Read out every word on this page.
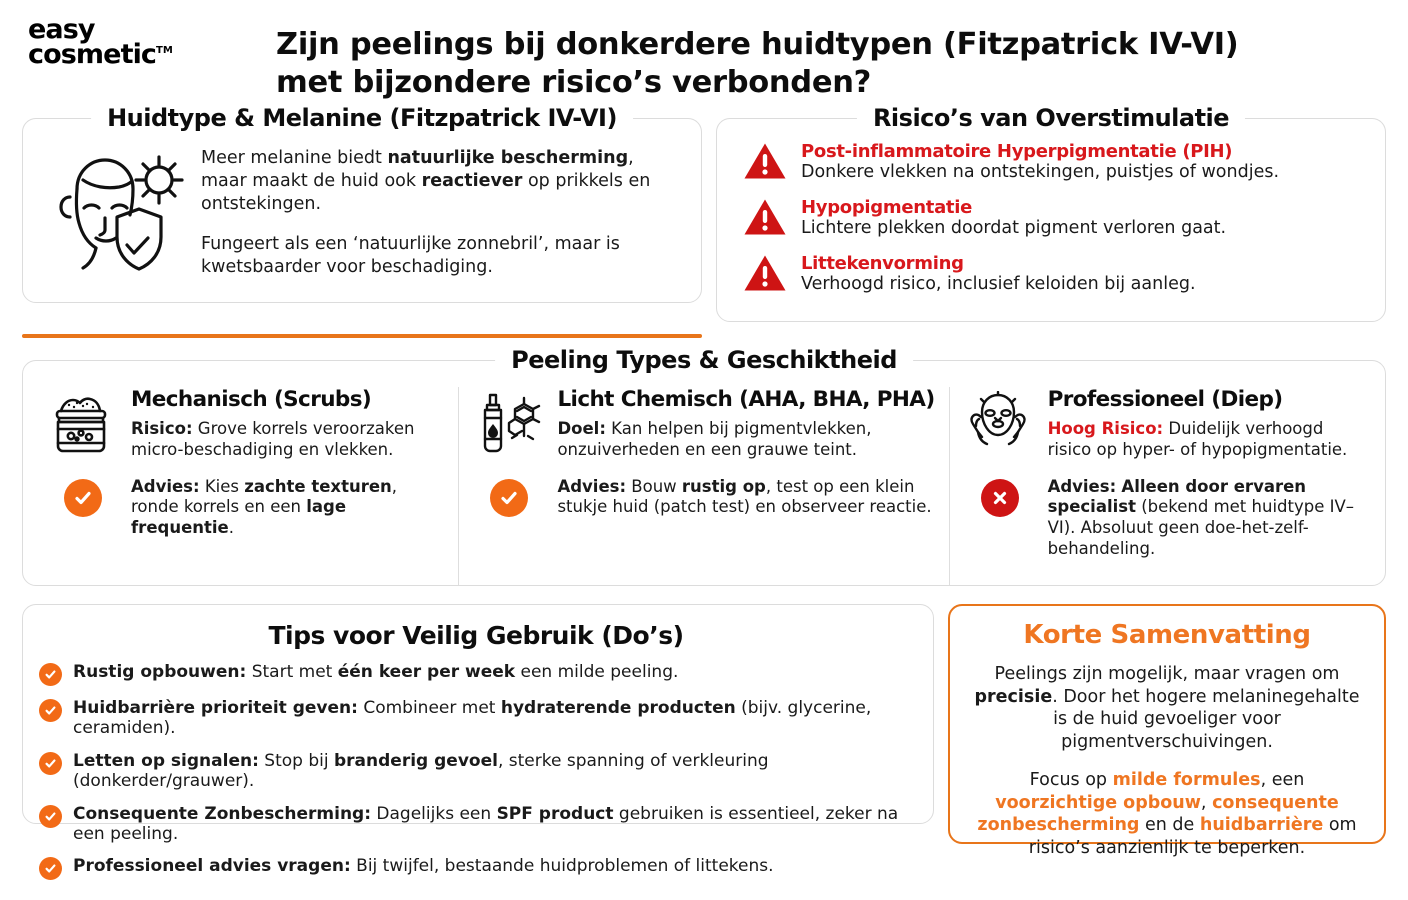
easy
cosmetic™	Zijn peelings bij donkerdere huidtypen (Fitzpatrick IV-VI)
met bijzondere risico’s verbonden?
Huidtype & Melanine (Fitzpatrick IV-VI)

Meer melanine biedt natuurlijke bescherming, maar maakt de huid ook reactiever op prikkels en ontstekingen.

Fungeert als een ‘natuurlijke zonnebril’, maar is kwetsbaarder voor beschadiging.

Risico’s van Overstimulatie
Post-inflammatoire Hyperpigmentatie (PIH)
Donkere vlekken na ontstekingen, puistjes of wondjes.
Hypopigmentatie
Lichtere plekken doordat pigment verloren gaat.
Littekenvorming
Verhoogd risico, inclusief keloiden bij aanleg.
Peeling Types & Geschiktheid
Mechanisch (Scrubs)
Risico: Grove korrels veroorzaken micro-beschadiging en vlekken.
Advies: Kies zachte texturen, ronde korrels en een lage frequentie.
Licht Chemisch (AHA, BHA, PHA)
Doel: Kan helpen bij pigmentvlekken, onzuiverheden en een grauwe teint.
Advies: Bouw rustig op, test op een klein stukje huid (patch test) en observeer reactie.
Professioneel (Diep)
Hoog Risico: Duidelijk verhoogd risico op hyper- of hypopigmentatie.
Advies: Alleen door ervaren specialist (bekend met huidtype IV–VI). Absoluut geen doe-het-zelf-behandeling.
Tips voor Veilig Gebruik (Do’s)
Rustig opbouwen: Start met één keer per week een milde peeling.
Huidbarrière prioriteit geven: Combineer met hydraterende producten (bijv. glycerine, ceramiden).
Letten op signalen: Stop bij branderig gevoel, sterke spanning of verkleuring (donkerder/grauwer).
Consequente Zonbescherming: Dagelijks een SPF product gebruiken is essentieel, zeker na een peeling.
Professioneel advies vragen: Bij twijfel, bestaande huidproblemen of littekens.
Korte Samenvatting

Peelings zijn mogelijk, maar vragen om precisie. Door het hogere melaninegehalte is de huid gevoeliger voor pigmentverschuivingen.

Focus op milde formules, een voorzichtige opbouw, consequente zonbescherming en de huidbarrière om risico’s aanzienlijk te beperken.
